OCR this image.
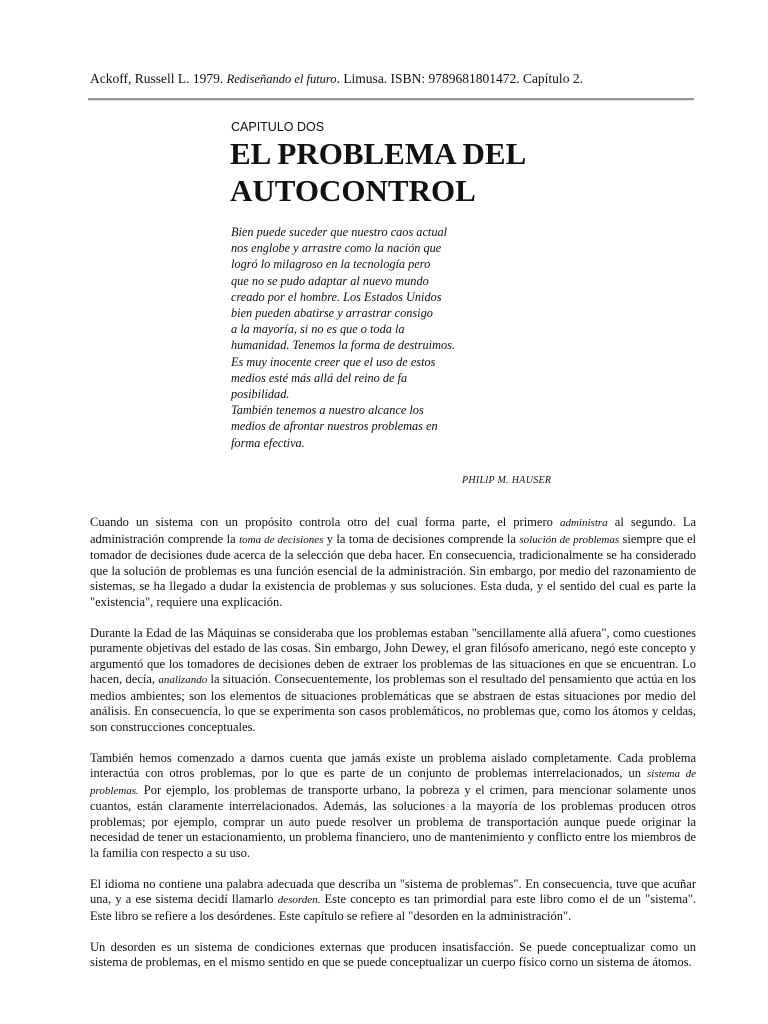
Ackoff, Russell L. 1979. Rediseñando el futuro. Limusa. ISBN: 9789681801472. Capítulo 2.
CAPITULO DOS
EL PROBLEMA DEL
AUTOCONTROL
Bien puede suceder que nuestro caos actual
nos englobe y arrastre como la nación que
logró lo milagroso en la tecnología pero
que no se pudo adaptar al nuevo mundo
creado por el hombre. Los Estados Unidos
bien pueden abatirse y arrastrar consigo
a la mayoría, si no es que o toda la
humanidad. Tenemos la forma de destruimos.
Es muy inocente creer que el uso de estos
medios esté más allá del reino de fa
posibilidad.
También tenemos a nuestro alcance los
medios de afrontar nuestros problemas en
forma efectiva.
PHILlP M. HAUSER

Cuando un sistema con un propósito controla otro del cual forma parte, el primero administra al segundo. La administración comprende la toma de decisiones y la toma de decisiones comprende la solución de problemas siempre que el tomador de decisiones dude acerca de la selección que deba hacer. En consecuencia, tradicionalmente se ha considerado que la solución de problemas es una función esencial de la administración. Sin embargo, por medio del razonamiento de sistemas, se ha llegado a dudar la existencia de problemas y sus soluciones. Esta duda, y el sentido del cual es parte la "existencia", requiere una explicación.

Durante la Edad de las Máquinas se consideraba que los problemas estaban "sencillamente allá afuera", como cuestiones puramente objetivas del estado de las cosas. Sin embargo, John Dewey, el gran filósofo americano, negó este concepto y argumentó que los tomadores de decisiones deben de extraer los problemas de las situaciones en que se encuentran. Lo hacen, decía, analizando la situación. Consecuentemente, los problemas son el resultado del pensamiento que actúa en los medios ambientes; son los elementos de situaciones problemáticas que se abstraen de estas situaciones por medio del análisis. En consecuencia, lo que se experimenta son casos problemáticos, no problemas que, como los átomos y celdas, son construcciones conceptuales.

También hemos comenzado a darnos cuenta que jamás existe un problema aislado completamente. Cada problema interactúa con otros problemas, por lo que es parte de un conjunto de problemas interrelacionados, un sistema de problemas. Por ejemplo, los problemas de transporte urbano, la pobreza y el crimen, para mencionar solamente unos cuantos, están claramente interrelacionados. Además, las soluciones a la mayoría de los problemas producen otros problemas; por ejemplo, comprar un auto puede resolver un problema de transportación aunque puede originar la necesidad de tener un estacionamiento, un problema financiero, uno de mantenimiento y conflicto entre los miembros de la familia con respecto a su uso.

El idioma no contiene una palabra adecuada que describa un "sistema de problemas". En consecuencia, tuve que acuñar una, y a ese sistema decidí llamarlo desorden. Este concepto es tan primordial para este libro como el de un "sistema". Este libro se refiere a los desórdenes. Este capítulo se refiere al "desorden en la administración".

Un desorden es un sistema de condiciones externas que producen insatisfacción. Se puede conceptualizar como un sistema de problemas, en el mismo sentido en que se puede conceptualizar un cuerpo físico corno un sistema de átomos.
